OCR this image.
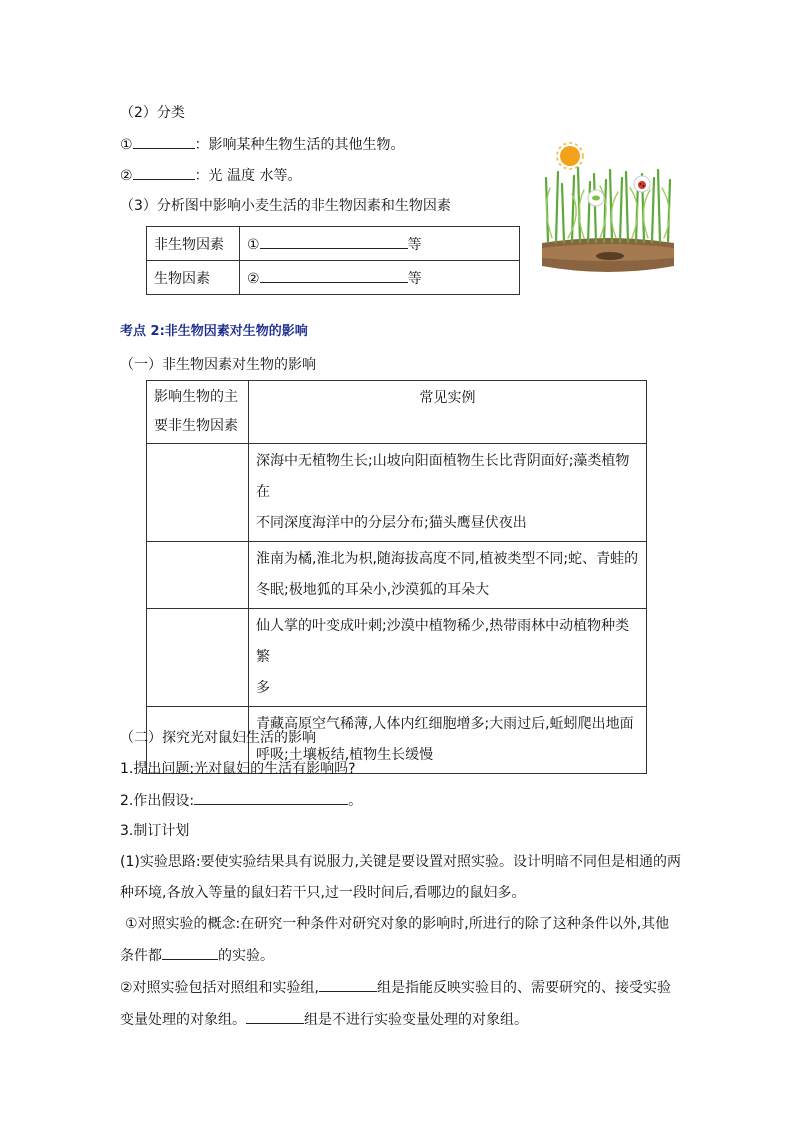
（2）分类
①	：影响某种生物生活的其他生物。
②	：光 温度 水等。
（3）分析图中影响小麦生活的非生物因素和生物因素
非生物因素	① 等
生物因素	② 等
考点 2:非生物因素对生物的影响
（一）非生物因素对生物的影响
影响生物的主
要非生物因素	常见实例

	深海中无植物生长;山坡向阳面植物生长比背阴面好;藻类植物在
不同深度海洋中的分层分布;猫头鹰昼伏夜出

	淮南为橘,淮北为枳,随海拔高度不同,植被类型不同;蛇、青蛙的
冬眠;极地狐的耳朵小,沙漠狐的耳朵大

	仙人掌的叶变成叶刺;沙漠中植物稀少,热带雨林中动植物种类繁
多

	青藏高原空气稀薄,人体内红细胞增多;大雨过后,蚯蚓爬出地面
呼吸;土壤板结,植物生长缓慢
（二）探究光对鼠妇生活的影响
1.提出问题:光对鼠妇的生活有影响吗?
2.作出假设:	。
3.制订计划
(1)实验思路:要使实验结果具有说服力,关键是要设置对照实验。设计明暗不同但是相通的两
种环境,各放入等量的鼠妇若干只,过一段时间后,看哪边的鼠妇多。
①对照实验的概念:在研究一种条件对研究对象的影响时,所进行的除了这种条件以外,其他
条件都	的实验。
②对照实验包括对照组和实验组,	组是指能反映实验目的、需要研究的、接受实验
变量处理的对象组。	组是不进行实验变量处理的对象组。
